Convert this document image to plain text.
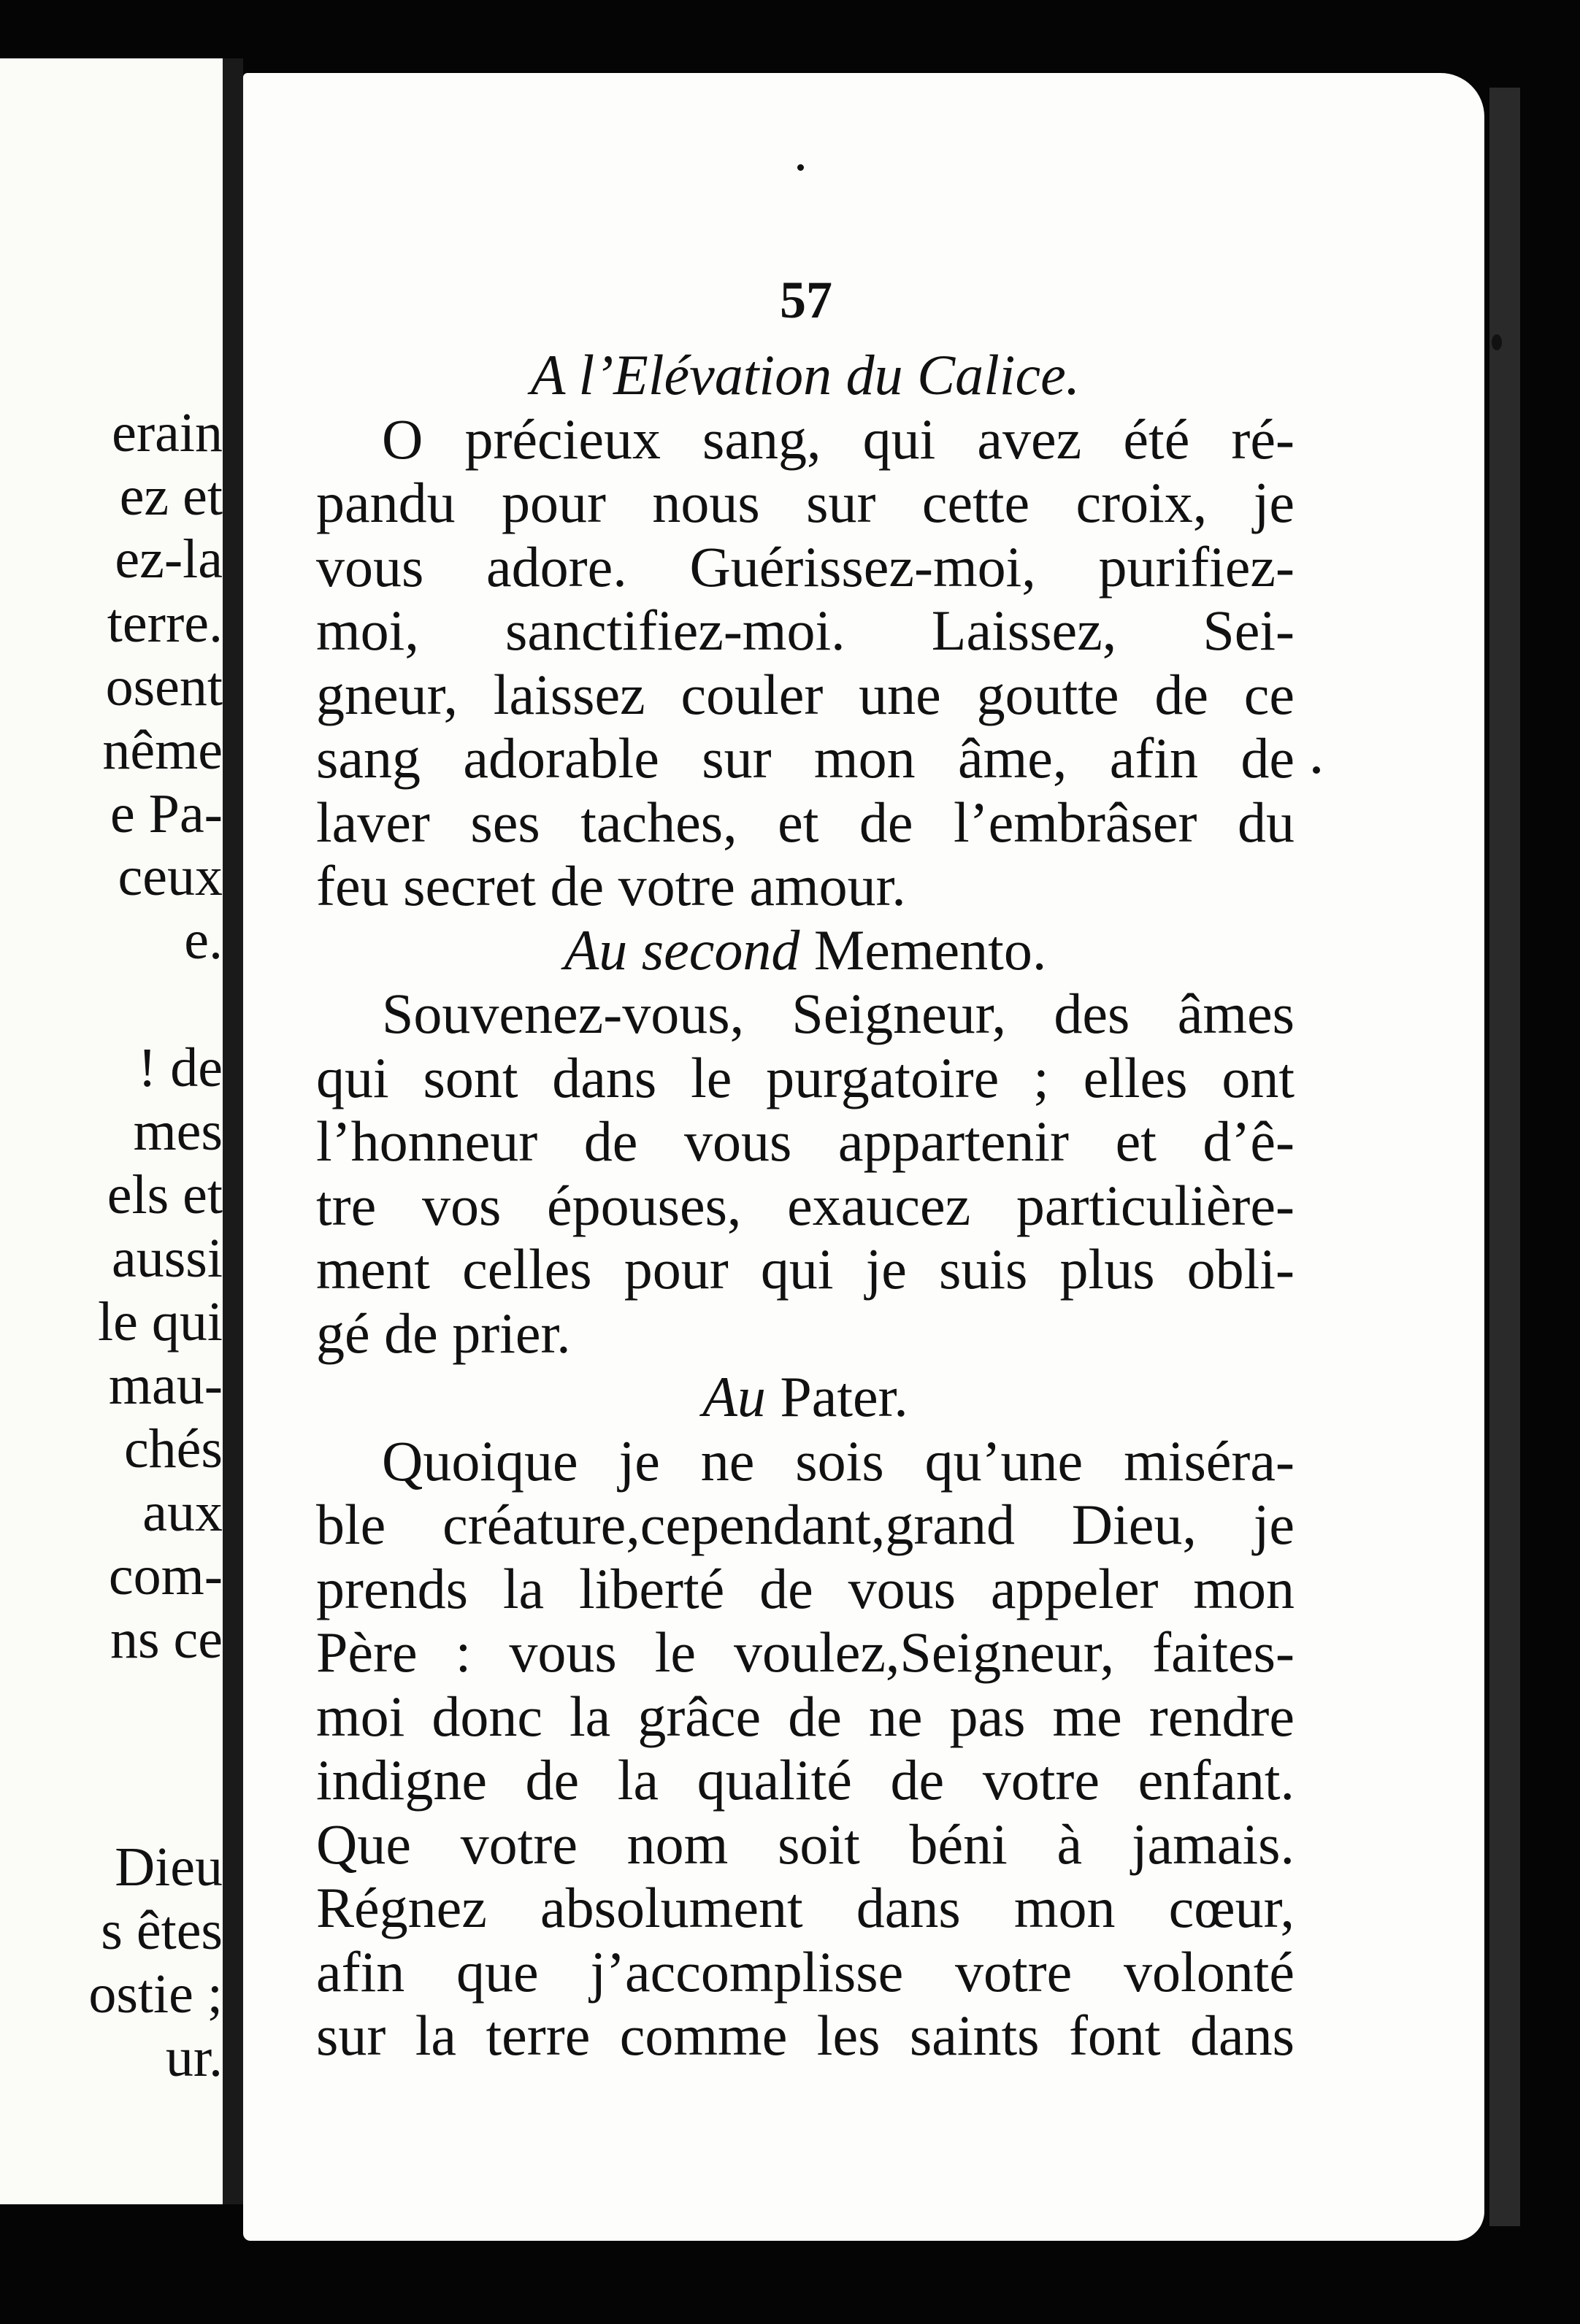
erain

ez et

ez-la

terre.

osent

nême

e Pa-

ceux

e.

! de

mes

els et

aussi

le qui

mau-

chés

aux

com-

ns ce

Dieu

s êtes

ostie ;

ur.

57

A l’Elévation du Calice.

O précieux sang, qui avez été ré-
pandu pour nous sur cette croix, je
vous adore. Guérissez-moi, purifiez-
moi, sanctifiez-moi. Laissez, Sei-
gneur, laissez couler une goutte de ce
sang adorable sur mon âme, afin de
laver ses taches, et de l’embrâser du
feu secret de votre amour.

Au second Memento.

Souvenez-vous, Seigneur, des âmes
qui sont dans le purgatoire ; elles ont
l’honneur de vous appartenir et d’ê-
tre vos épouses, exaucez particulière-
ment celles pour qui je suis plus obli-
gé de prier.

Au Pater.

Quoique je ne sois qu’une miséra-
ble créature,cependant,grand Dieu, je
prends la liberté de vous appeler mon
Père : vous le voulez,Seigneur, faites-
moi donc la grâce de ne pas me rendre
indigne de la qualité de votre enfant.
Que votre nom soit béni à jamais.
Régnez absolument dans mon cœur,
afin que j’accomplisse votre volonté
sur la terre comme les saints font dans
